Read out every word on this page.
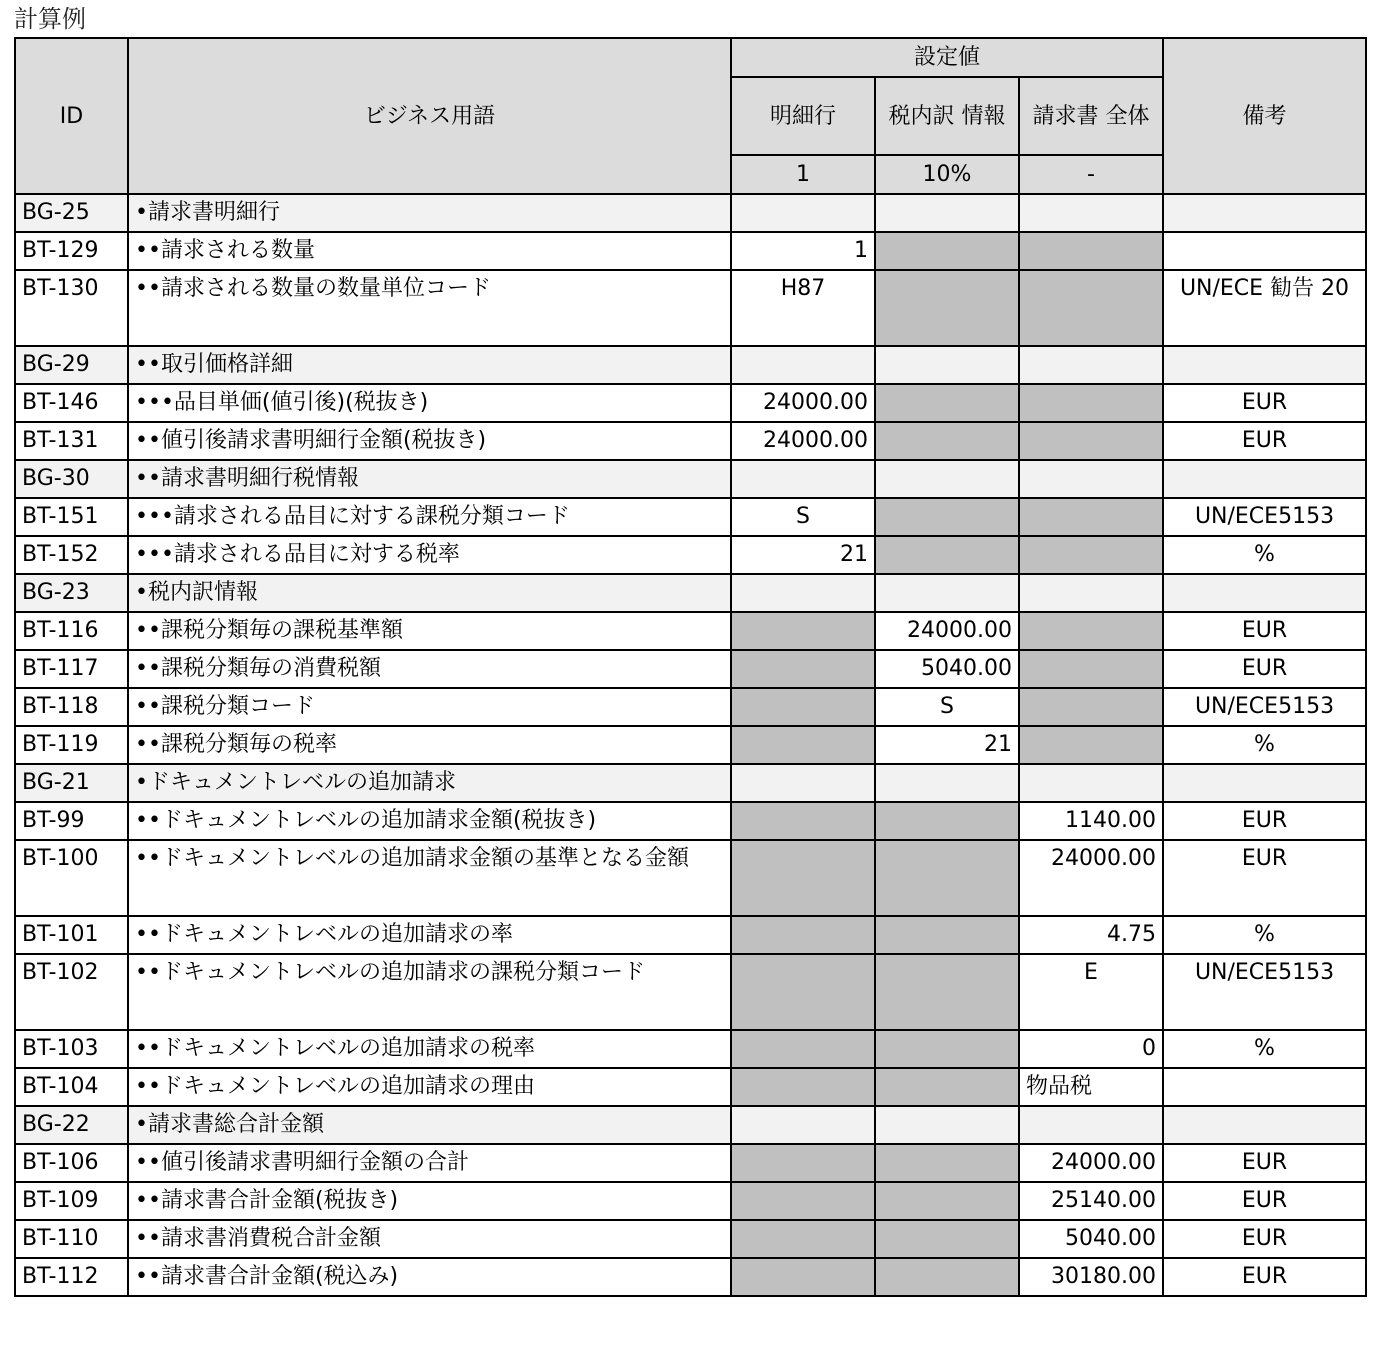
計算例
ID	ビジネス用語	設定値			備考
		明細行	税内訳 情報	請求書 全体	
		1	10%	-	
BG-25	•請求書明細行				
BT-129	••請求される数量	1			
BT-130	••請求される数量の数量単位コード	H87			UN/ECE 勧告 20
BG-29	••取引価格詳細				
BT-146	•••品目単価(値引後)(税抜き)	24000.00			EUR
BT-131	••値引後請求書明細行金額(税抜き)	24000.00			EUR
BG-30	••請求書明細行税情報				
BT-151	•••請求される品目に対する課税分類コード	S			UN/ECE5153
BT-152	•••請求される品目に対する税率	21			%
BG-23	•税内訳情報				
BT-116	••課税分類毎の課税基準額		24000.00		EUR
BT-117	••課税分類毎の消費税額		5040.00		EUR
BT-118	••課税分類コード		S		UN/ECE5153
BT-119	••課税分類毎の税率		21		%
BG-21	•ドキュメントレベルの追加請求				
BT-99	••ドキュメントレベルの追加請求金額(税抜き)			1140.00	EUR
BT-100	••ドキュメントレベルの追加請求金額の基準となる金額			24000.00	EUR
BT-101	••ドキュメントレベルの追加請求の率			4.75	%
BT-102	••ドキュメントレベルの追加請求の課税分類コード			E	UN/ECE5153
BT-103	••ドキュメントレベルの追加請求の税率			0	%
BT-104	••ドキュメントレベルの追加請求の理由			物品税	
BG-22	•請求書総合計金額				
BT-106	••値引後請求書明細行金額の合計			24000.00	EUR
BT-109	••請求書合計金額(税抜き)			25140.00	EUR
BT-110	••請求書消費税合計金額			5040.00	EUR
BT-112	••請求書合計金額(税込み)			30180.00	EUR
